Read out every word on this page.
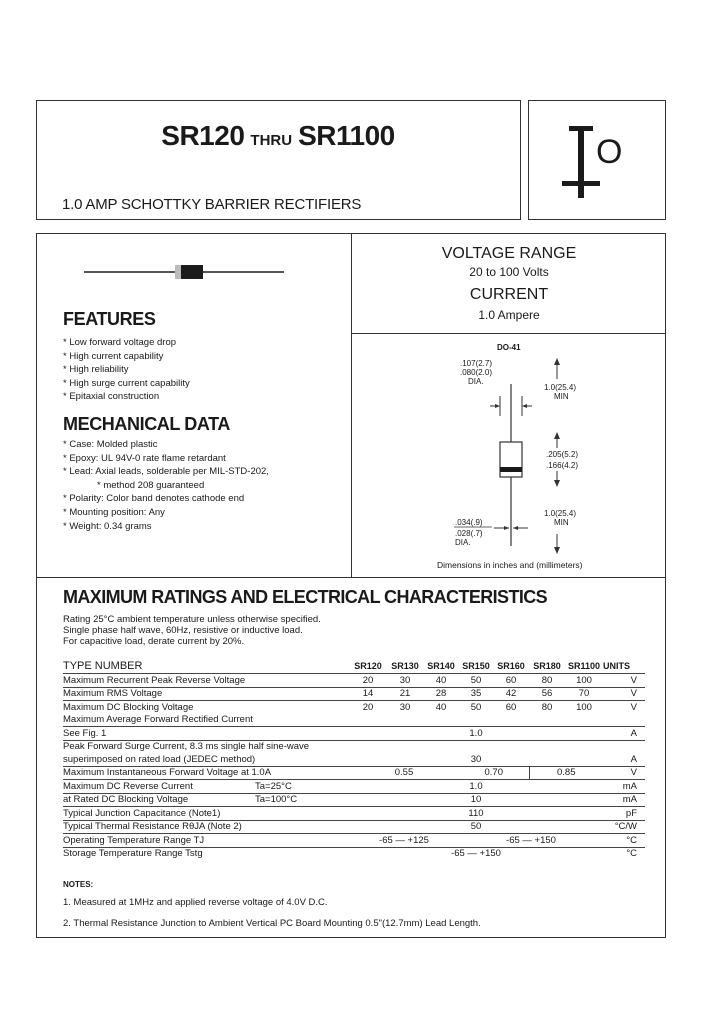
SR120 THRU SR1100
1.0 AMP SCHOTTKY BARRIER RECTIFIERS
O
FEATURES
* Low forward voltage drop
* High current capability
* High reliability
* High surge current capability
* Epitaxial construction
MECHANICAL DATA
* Case: Molded plastic
* Epoxy: UL 94V-0 rate flame retardant
* Lead: Axial leads, solderable per MIL-STD-202,
* method 208 guaranteed
* Polarity: Color band denotes cathode end
* Mounting position: Any
* Weight: 0.34 grams
VOLTAGE RANGE
20 to 100 Volts
CURRENT
1.0 Ampere
DO-41
.107(2.7)
.080(2.0)
DIA.
1.0(25.4)
MIN
.205(5.2)
.166(4.2)
1.0(25.4)
MIN
.034(.9)
.028(.7)
DIA.
Dimensions in inches and (millimeters)
MAXIMUM RATINGS AND ELECTRICAL CHARACTERISTICS
Rating 25°C ambient temperature unless otherwise specified.
Single phase half wave, 60Hz, resistive or inductive load.
For capacitive load, derate current by 20%.
TYPE NUMBER	SR120	SR130	SR140	SR150	SR160	SR180	SR1100	UNITS
Maximum Recurrent Peak Reverse Voltage	20	30	40	50	60	80	100	V
Maximum RMS Voltage	14	21	28	35	42	56	70	V
Maximum DC Blocking Voltage	20	30	40	50	60	80	100	V
Maximum Average Forward Rectified Current								
See Fig. 1	1.0							A
Peak Forward Surge Current, 8.3 ms single half sine-wave								
superimposed on rated load (JEDEC method)	30							A
Maximum Instantaneous Forward Voltage at 1.0A	0.55			0.70		0.85		V
Maximum DC Reverse Current Ta=25°C	1.0							mA
at Rated DC Blocking Voltage Ta=100°C	10							mA
Typical Junction Capacitance (Note1)	110							pF
Typical Thermal Resistance RθJA (Note 2)	50							°C/W
Operating Temperature Range TJ	-65 — +125			-65 — +150				°C
Storage Temperature Range Tstg	-65 — +150							°C
NOTES:
1. Measured at 1MHz and applied reverse voltage of 4.0V D.C.
2. Thermal Resistance Junction to Ambient Vertical PC Board Mounting 0.5"(12.7mm) Lead Length.
